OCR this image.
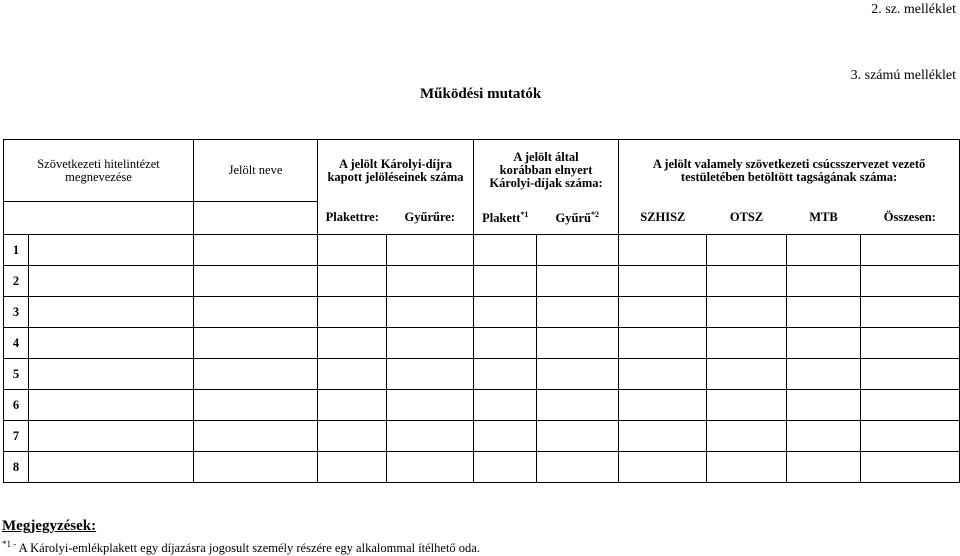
2. sz. melléklet
3. számú melléklet
Működési mutatók
Szövetkezeti hitelintézet megnevezése		Jelölt neve	A jelölt Károlyi-díjra kapott jelöléseinek száma		A jelölt által korábban elnyert Károlyi-díjak száma:		A jelölt valamely szövetkezeti csúcsszervezet vezető testületében betöltött tagságának száma:			
			Plakettre:	Gyűrűre:	Plakett$^{*1}$	Gyűrű$^{*2}$	SZHISZ	OTSZ	MTB	Összesen:
1										
2										
3										
4										
5										
6										
7										
8										
Megjegyzések:
$^{*1 -}$ A Károlyi-emlékplakett egy díjazásra jogosult személy részére egy alkalommal ítélhető oda.
